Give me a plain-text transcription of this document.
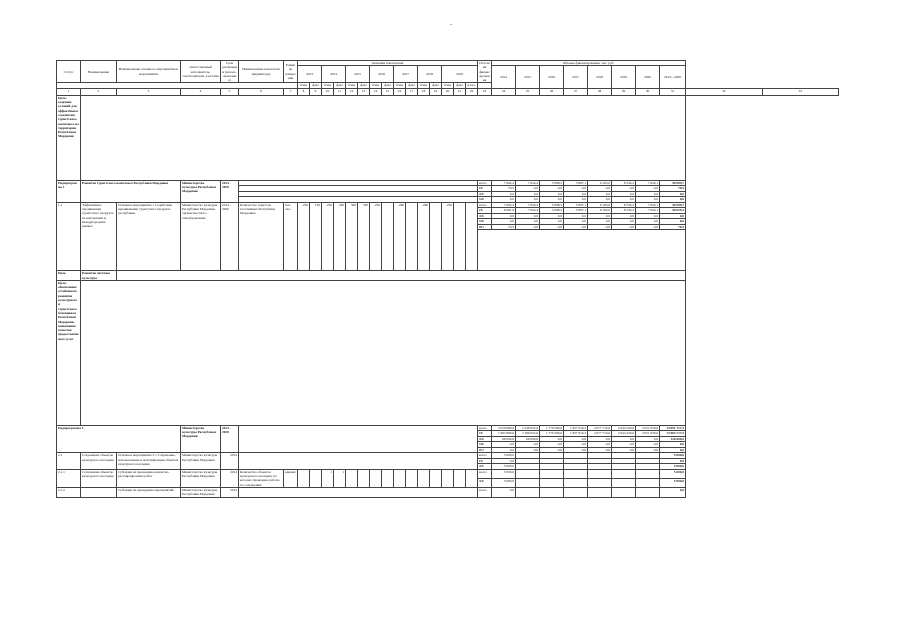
-
Статус	Наименование	Наименование основного мероприятия и мероприятия	Ответственный исполнитель, соисполнители, участник	Срок реализации (начало, окончание)	Наименование показателя (индикатора)	Единица измерения	Значения показателей															Источник финансирования	Объемы финансирования, тыс. руб.									
							2013		2014		2015		2016		2017		2018		2019				2014	2015	2016	2017	2018	2019	2020	2014—2020		
							план	факт	план	факт	план	факт	план	факт	план	факт	план	факт	план	факт	итого											
1	2	3	4	5	6	7	8	9	10	11	12	13	14	15	16	17	18	19	20	21	22	23	24	25	26	27	28	29	30	31	32	33
Цель: создание условий для эффективного развития туристского комплекса на территории Республики Мордовия																																
Подпрограмма 1	Развитие туристского комплекса Республики Мордовия		Министерство культуры Республики Мордовия	2014 - 2020																		всего	7 062,4	7 024,4	5 098,5	5 897,1	9 163,0	8 234,2	7 620,1	50 099,7		
																						РБ	70,5	0,0	0,0	0,0	0,0	0,0	0,0	70,5		
																						ФБ	0,0	0,0	0,0	0,0	0,0	0,0	0,0	0,0		
																						МБ	0,0	0,0	0,0	0,0	0,0	0,0	0,0	0,0		
1.1	Эффективное продвижение туристского продукта на внутреннем и международном рынках	Основное мероприятие 1 Содействие продвижению туристского продукта республики	Министерство культуры Республики Мордовия, органы местного самоуправления	2014 - 2020	Количество туристов, посетивших Республику Мордовию	тыс. чел.	250	150	250	450	300	350	250		260		260		250			всего	7 062,4	7 024,4	5 098,5	5 897,1	9 163,0	8 234,2	7 620,1	50 099,7		
																						РБ	6 991,9	7 024,4	5 098,5	5 897,1	9 163,0	8 234,2	7 620,1	50 029,2		
																						ФБ	0,0	0,0	0,0	0,0	0,0	0,0	0,0	0,0		
																						МБ	0,0	0,0	0,0	0,0	0,0	0,0	0,0	0,0		
																						ВИ	70,5	0,0	0,0	0,0	0,0	0,0	0,0	70,5		

Цель	Развитие системы культуры																															
Цель: обеспечение устойчивого развития культурного и туристского потенциала Республики Мордовия, повышение качества предоставляемых услуг																																
Подпрограмма 2			Министерство культуры Республики Мордовия	2014 - 2020																		всего	2 059 969,6	2 249 652,6	1 770 590,0	1 837 916,3	2 077 710,0	2 044 229,0	2 051 650,0	14 091 717,5		
																						РБ	1 993 969,6	2 189 652,6	1 770 590,0	1 837 916,3	2 077 710,0	2 044 229,0	2 051 650,0	13 965 717,5		
																						ФБ	66 000,0	60 000,0	0,0	0,0	0,0	0,0	0,0	126 000,0		
																						МБ	0,0	0,0	0,0	0,0	0,0	0,0	0,0	0,0		
																						ВИ	0,0	0,0	0,0	0,0	0,0	0,0	0,0	0,0		
2.1	Сохранение объектов культурного наследия	Основное мероприятие 2.1 Сохранение, использование и популяризация объектов культурного наследия	Министерство культуры Республики Мордовия	2014																		всего	5 000,0							5 000,0		
																						РБ	0,0							0,0		
																						ФБ	5 000,0							5 000,0		
2.1.1	Сохранение объектов культурного наследия	Субсидия на проведение ремонтно-реставрационных работ	Министерство культуры Республики Мордовия	2014	Количество объектов культурного наследия, на которых проведены работы по сохранению	единиц			1	1												всего	5 000,0							5 000,0		
																						ФБ	5 000,0							5 000,0		
2.1.2		Субсидия на проведение мероприятий	Министерство культуры Республики Мордовия	2014																		всего	0,0							0,0		
